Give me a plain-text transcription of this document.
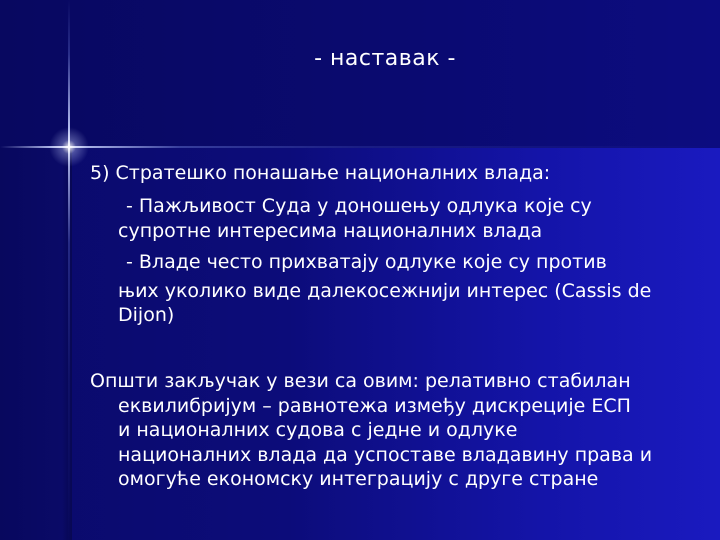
- наставак -
5) Стратешко понашање националних влада:
- Пажљивост Суда у доношењу одлука које су
супротне интересима националних влада
- Владе често прихватају одлуке које су против
њих уколико виде далекосежнији интерес (Cassis de
Dijon)
Општи закључак у вези са овим: релативно стабилан
еквилибријум – равнотежа између дискреције ЕСП
и националних судова с једне и одлуке
националних влада да успоставе владавину права и
омогуће економску интеграцију с друге стране
